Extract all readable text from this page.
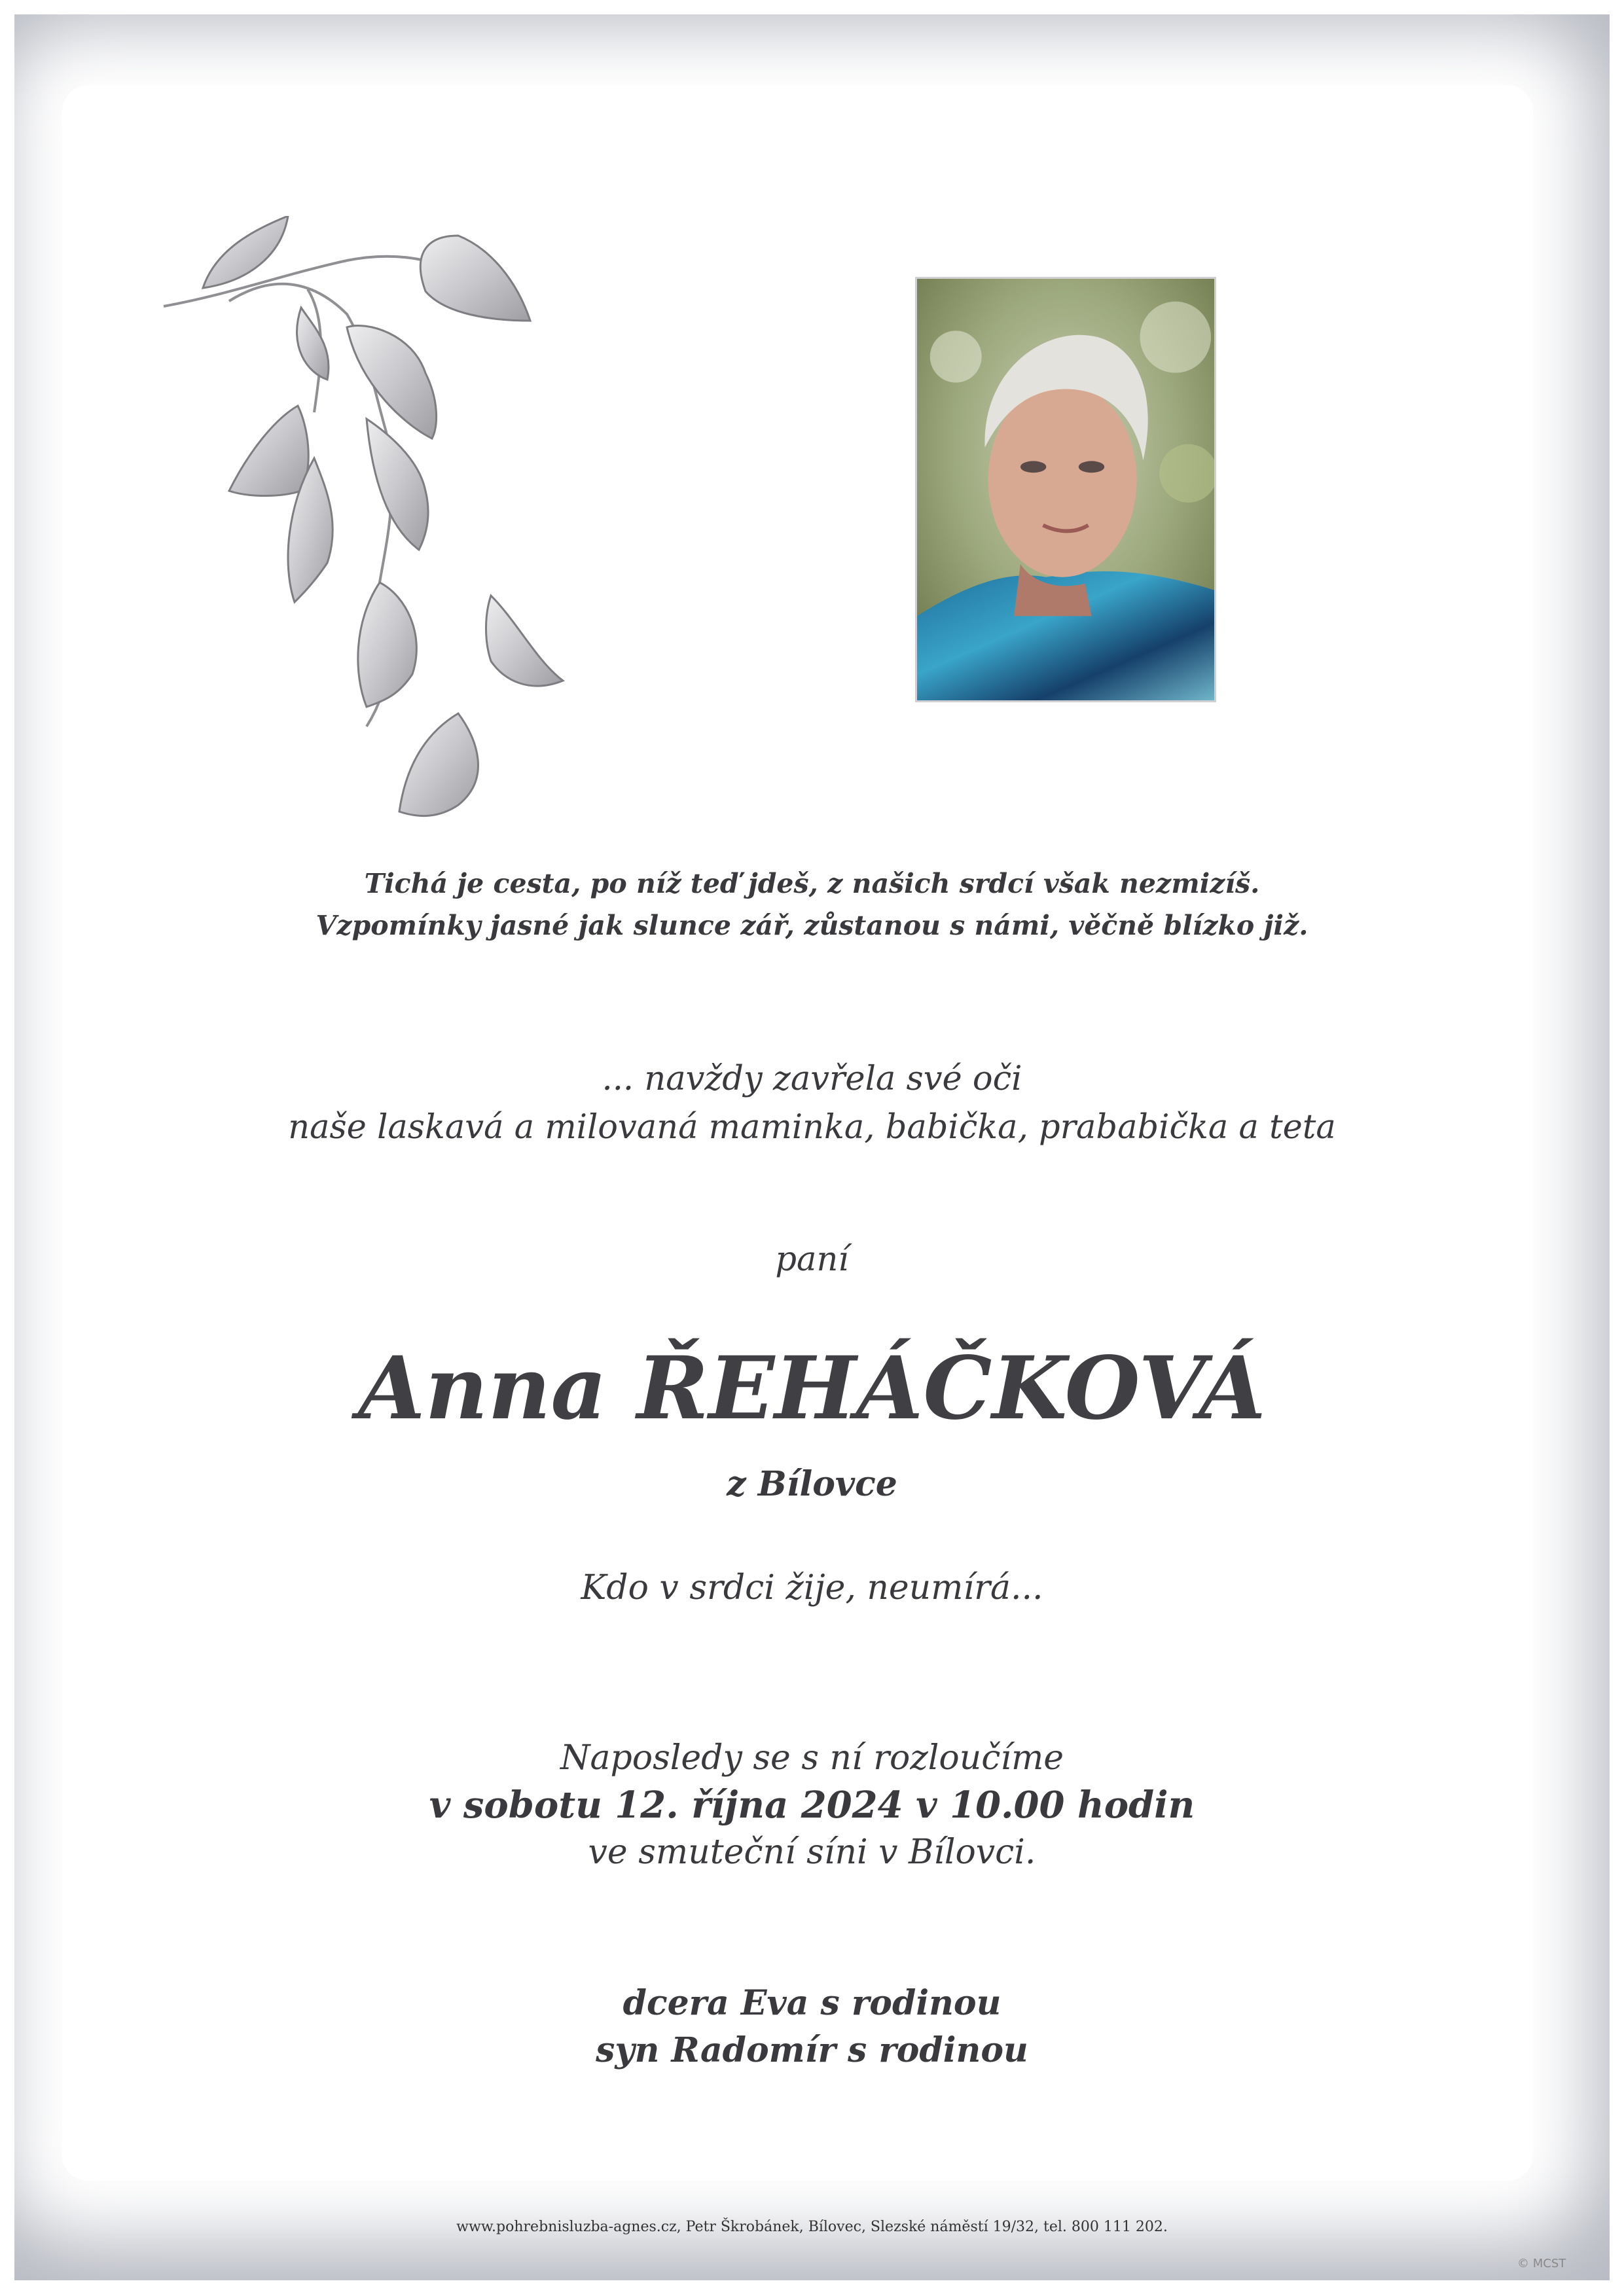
Tichá je cesta, po níž teď jdeš, z našich srdcí však nezmizíš.
Vzpomínky jasné jak slunce zář, zůstanou s námi, věčně blízko již.
... navždy zavřela své oči
naše laskavá a milovaná maminka, babička, prababička a teta
paní
Anna ŘEHÁČKOVÁ
z Bílovce
Kdo v srdci žije, neumírá...
Naposledy se s ní rozloučíme
v sobotu 12. října 2024 v 10.00 hodin
ve smuteční síni v Bílovci.
dcera Eva s rodinou
syn Radomír s rodinou
www.pohrebnisluzba-agnes.cz, Petr Škrobánek, Bílovec, Slezské náměstí 19/32, tel. 800 111 202.
© MCST
